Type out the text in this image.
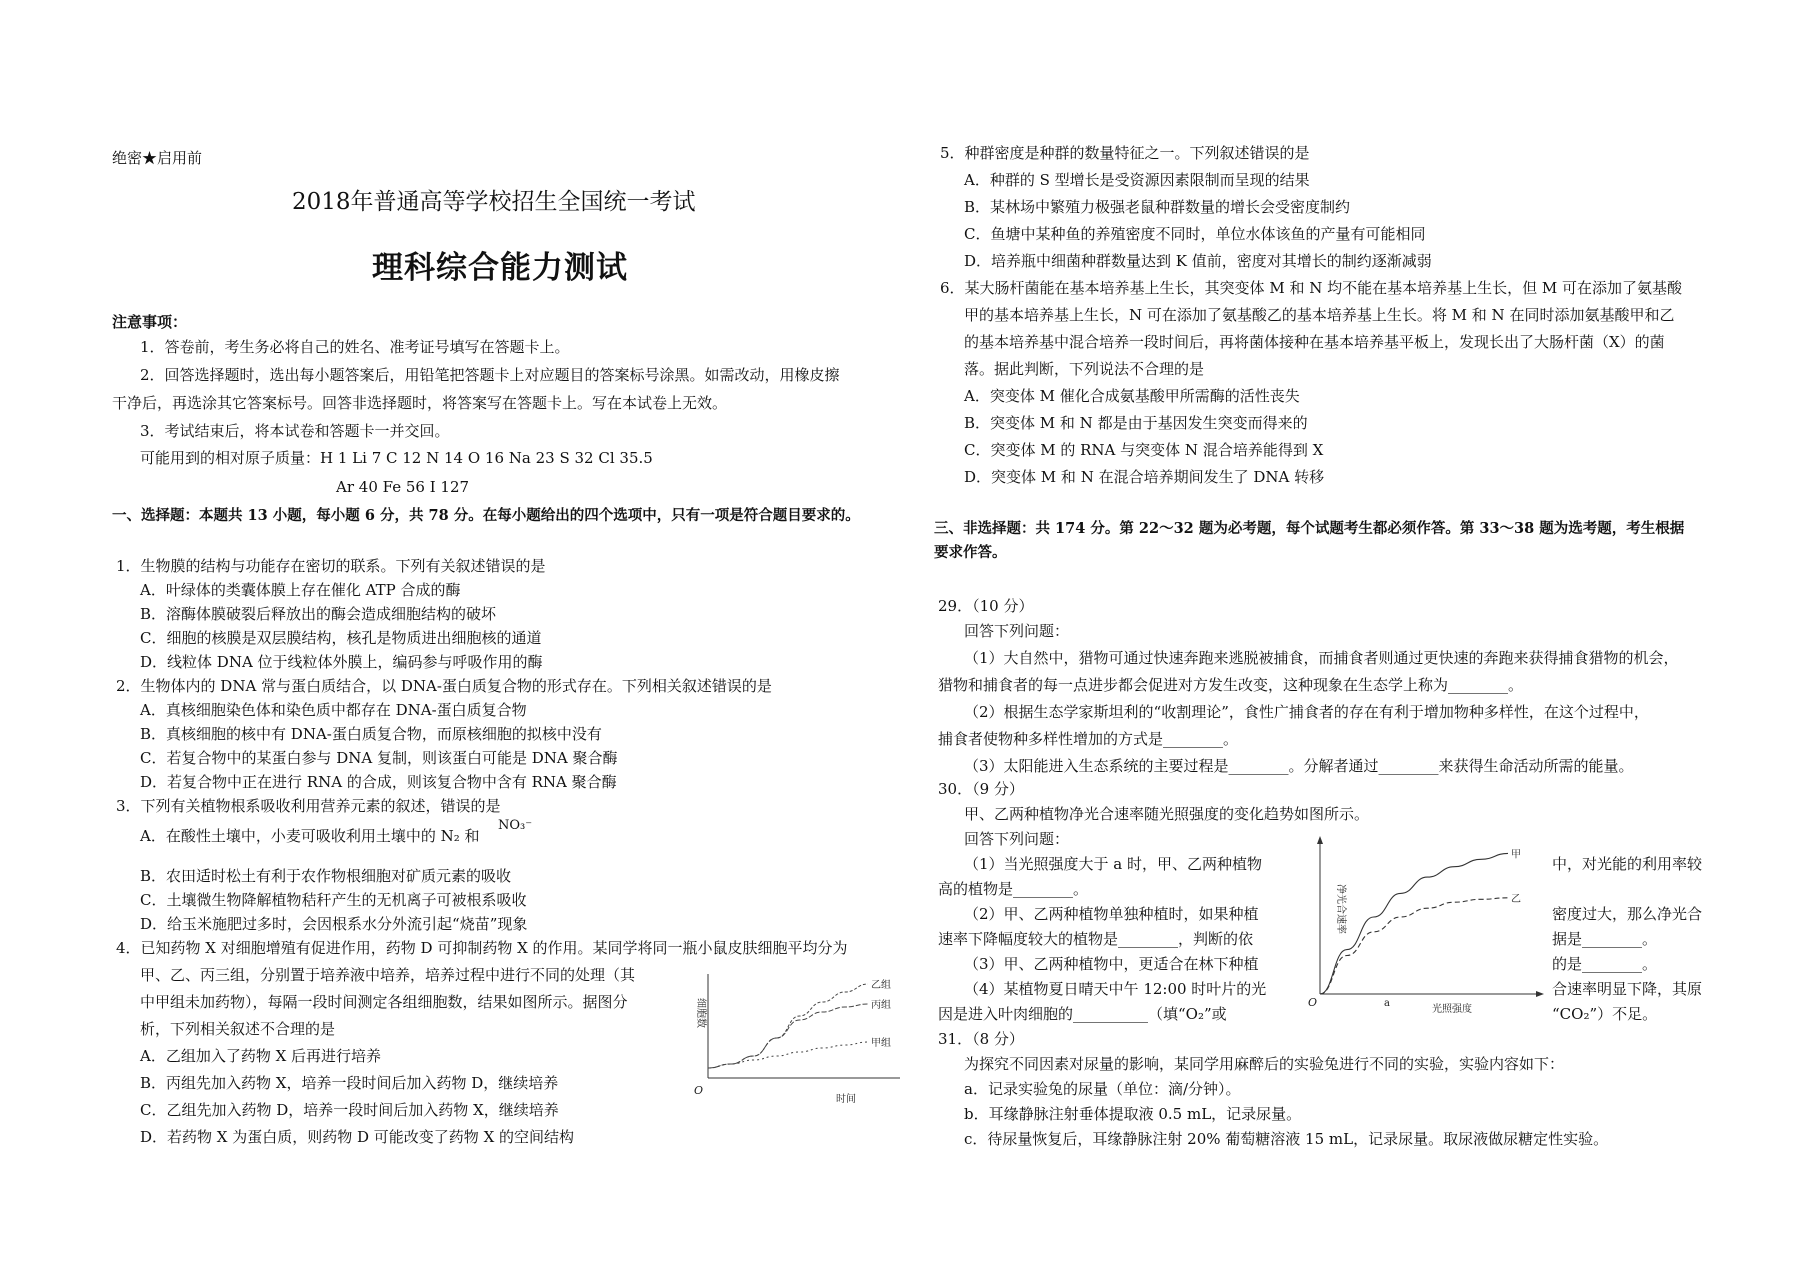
绝密★启用前
2018年普通高等学校招生全国统一考试
理科综合能力测试
注意事项：
1．答卷前，考生务必将自己的姓名、准考证号填写在答题卡上。
2．回答选择题时，选出每小题答案后，用铅笔把答题卡上对应题目的答案标号涂黑。如需改动，用橡皮擦
干净后，再选涂其它答案标号。回答非选择题时，将答案写在答题卡上。写在本试卷上无效。
3．考试结束后，将本试卷和答题卡一并交回。
可能用到的相对原子质量：H 1 Li 7 C 12 N 14 O 16 Na 23 S 32 Cl 35.5
Ar 40 Fe 56 I 127
一、选择题：本题共 13 小题，每小题 6 分，共 78 分。在每小题给出的四个选项中，只有一项是符合题目要求的。
1．生物膜的结构与功能存在密切的联系。下列有关叙述错误的是
A．叶绿体的类囊体膜上存在催化 ATP 合成的酶
B．溶酶体膜破裂后释放出的酶会造成细胞结构的破坏
C．细胞的核膜是双层膜结构，核孔是物质进出细胞核的通道
D．线粒体 DNA 位于线粒体外膜上，编码参与呼吸作用的酶
2．生物体内的 DNA 常与蛋白质结合，以 DNA-蛋白质复合物的形式存在。下列相关叙述错误的是
A．真核细胞染色体和染色质中都存在 DNA-蛋白质复合物
B．真核细胞的核中有 DNA-蛋白质复合物，而原核细胞的拟核中没有
C．若复合物中的某蛋白参与 DNA 复制，则该蛋白可能是 DNA 聚合酶
D．若复合物中正在进行 RNA 的合成，则该复合物中含有 RNA 聚合酶
3．下列有关植物根系吸收利用营养元素的叙述，错误的是
A．在酸性土壤中，小麦可吸收利用土壤中的 N₂ 和
NO₃⁻
B．农田适时松土有利于农作物根细胞对矿质元素的吸收
C．土壤微生物降解植物秸秆产生的无机离子可被根系吸收
D．给玉米施肥过多时，会因根系水分外流引起“烧苗”现象
4．已知药物 X 对细胞增殖有促进作用，药物 D 可抑制药物 X 的作用。某同学将同一瓶小鼠皮肤细胞平均分为
甲、乙、丙三组，分别置于培养液中培养，培养过程中进行不同的处理（其
中甲组未加药物），每隔一段时间测定各组细胞数，结果如图所示。据图分
析，下列相关叙述不合理的是
A．乙组加入了药物 X 后再进行培养
B．丙组先加入药物 X，培养一段时间后加入药物 D，继续培养
C．乙组先加入药物 D，培养一段时间后加入药物 X，继续培养
D．若药物 X 为蛋白质，则药物 D 可能改变了药物 X 的空间结构
O
时间
细胞数
乙组
丙组
甲组
5．种群密度是种群的数量特征之一。下列叙述错误的是
A．种群的 S 型增长是受资源因素限制而呈现的结果
B．某林场中繁殖力极强老鼠种群数量的增长会受密度制约
C．鱼塘中某种鱼的养殖密度不同时，单位水体该鱼的产量有可能相同
D．培养瓶中细菌种群数量达到 K 值前，密度对其增长的制约逐渐减弱
6．某大肠杆菌能在基本培养基上生长，其突变体 M 和 N 均不能在基本培养基上生长，但 M 可在添加了氨基酸
甲的基本培养基上生长，N 可在添加了氨基酸乙的基本培养基上生长。将 M 和 N 在同时添加氨基酸甲和乙
的基本培养基中混合培养一段时间后，再将菌体接种在基本培养基平板上，发现长出了大肠杆菌（X）的菌
落。据此判断，下列说法不合理的是
A．突变体 M 催化合成氨基酸甲所需酶的活性丧失
B．突变体 M 和 N 都是由于基因发生突变而得来的
C．突变体 M 的 RNA 与突变体 N 混合培养能得到 X
D．突变体 M 和 N 在混合培养期间发生了 DNA 转移
三、非选择题：共 174 分。第 22～32 题为必考题，每个试题考生都必须作答。第 33～38 题为选考题，考生根据
要求作答。
29．（10 分）
回答下列问题：
（1）大自然中，猎物可通过快速奔跑来逃脱被捕食，而捕食者则通过更快速的奔跑来获得捕食猎物的机会，
猎物和捕食者的每一点进步都会促进对方发生改变，这种现象在生态学上称为________。
（2）根据生态学家斯坦利的“收割理论”，食性广捕食者的存在有利于增加物种多样性，在这个过程中，
捕食者使物种多样性增加的方式是________。
（3）太阳能进入生态系统的主要过程是________。分解者通过________来获得生命活动所需的能量。
30．（9 分）
甲、乙两种植物净光合速率随光照强度的变化趋势如图所示。
回答下列问题：
（1）当光照强度大于 a 时，甲、乙两种植物	中，对光能的利用率较
高的植物是________。
（2）甲、乙两种植物单独种植时，如果种植	密度过大，那么净光合
速率下降幅度较大的植物是________，判断的依	据是________。
（3）甲、乙两种植物中，更适合在林下种植	的是________。
（4）某植物夏日晴天中午 12:00 时叶片的光	合速率明显下降，其原
因是进入叶肉细胞的__________（填“O₂”或	“CO₂”）不足。
O	a
光照强度
净光合速率
甲
乙
31．（8 分）
为探究不同因素对尿量的影响，某同学用麻醉后的实验兔进行不同的实验，实验内容如下：
a．记录实验兔的尿量（单位：滴/分钟）。
b．耳缘静脉注射垂体提取液 0.5 mL，记录尿量。
c．待尿量恢复后，耳缘静脉注射 20% 葡萄糖溶液 15 mL，记录尿量。取尿液做尿糖定性实验。
